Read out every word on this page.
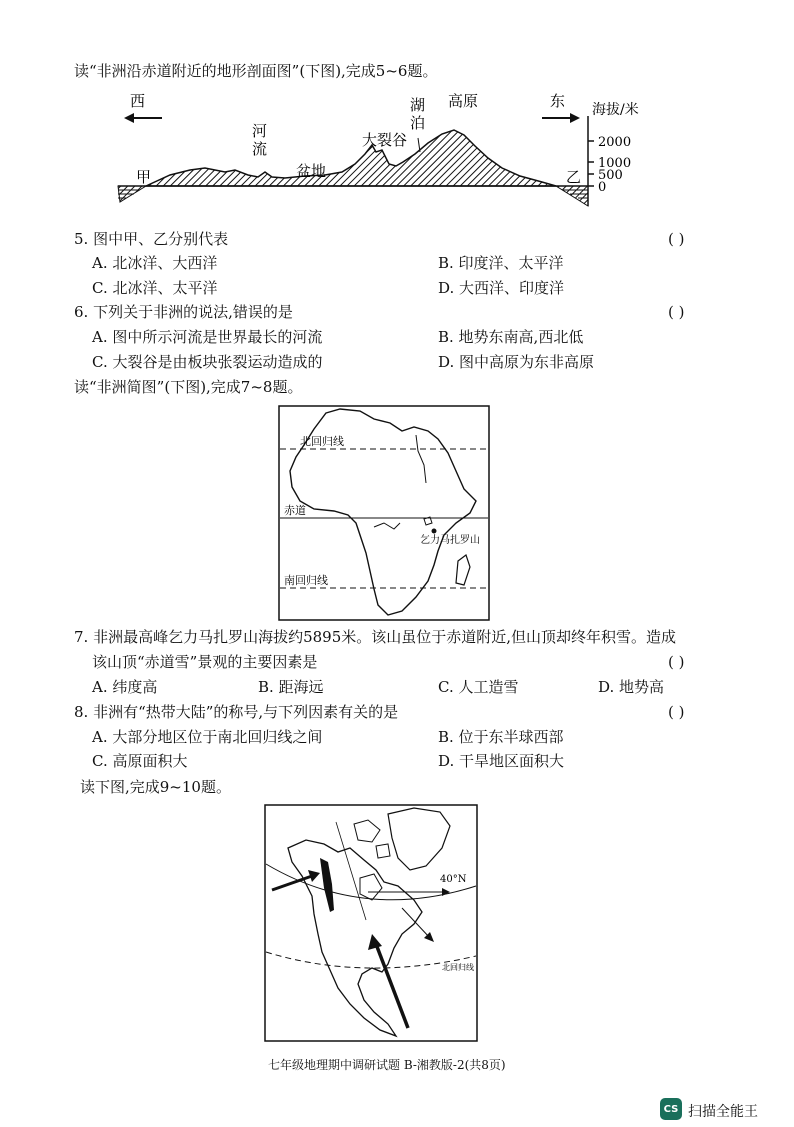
读“非洲沿赤道附近的地形剖面图”(下图),完成5~6题。
西	东
河
流
盆地
大裂谷
湖
泊
高原
甲	乙
海拔/米
2000
1000
500
0
5. 图中甲、乙分别代表	( )
A. 北冰洋、大西洋	B. 印度洋、太平洋
C. 北冰洋、太平洋	D. 大西洋、印度洋
6. 下列关于非洲的说法,错误的是	( )
A. 图中所示河流是世界最长的河流	B. 地势东南高,西北低
C. 大裂谷是由板块张裂运动造成的	D. 图中高原为东非高原
读“非洲简图”(下图),完成7~8题。
北回归线
赤道
南回归线
乞力马扎罗山
7. 非洲最高峰乞力马扎罗山海拔约5895米。该山虽位于赤道附近,但山顶却终年积雪。造成
该山顶“赤道雪”景观的主要因素是	( )
A. 纬度高	B. 距海远	C. 人工造雪	D. 地势高
8. 非洲有“热带大陆”的称号,与下列因素有关的是	( )
A. 大部分地区位于南北回归线之间	B. 位于东半球西部
C. 高原面积大	D. 干旱地区面积大
读下图,完成9~10题。
40°N
北回归线
七年级地理期中调研试题 B-湘教版-2(共8页)
CS 扫描全能王
